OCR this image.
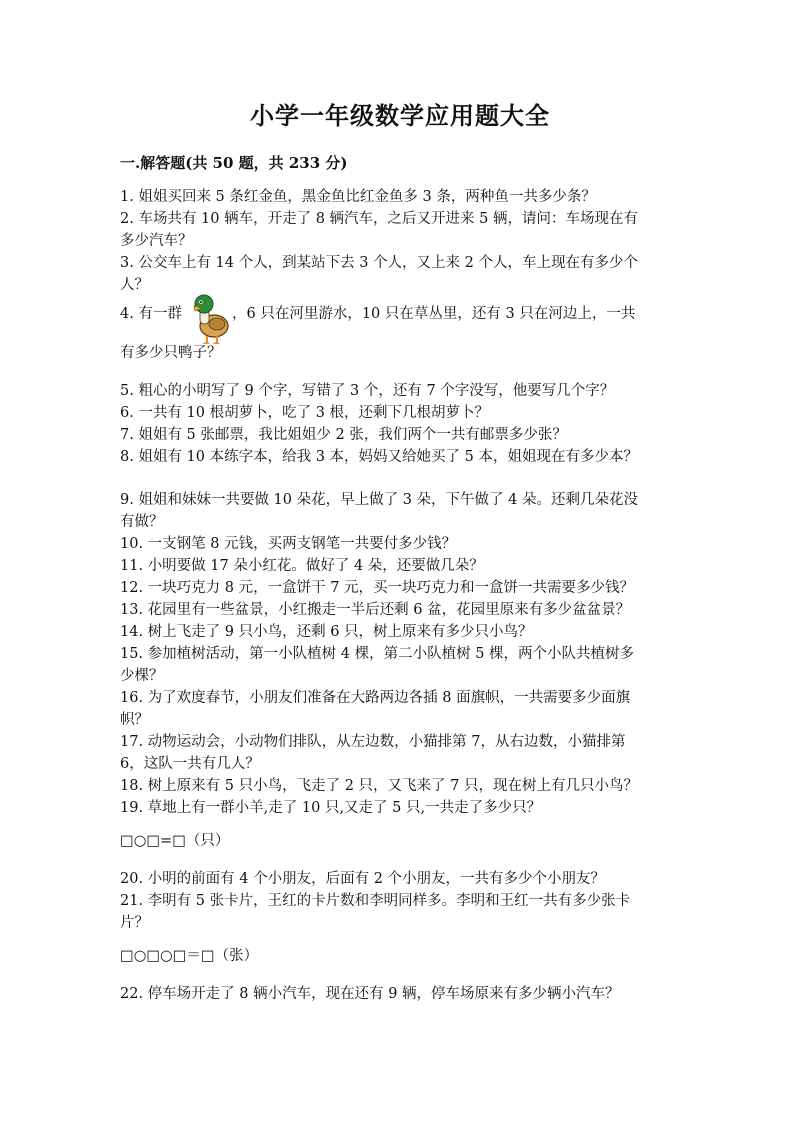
小学一年级数学应用题大全
一.解答题(共 50 题，共 233 分)
1. 姐姐买回来 5 条红金鱼，黑金鱼比红金鱼多 3 条，两种鱼一共多少条？
2. 车场共有 10 辆车，开走了 8 辆汽车，之后又开进来 5 辆，请问：车场现在有
多少汽车？
3. 公交车上有 14 个人，到某站下去 3 个人，又上来 2 个人，车上现在有多少个
人？
4. 有一群	，6 只在河里游水，10 只在草丛里，还有 3 只在河边上，一共
有多少只鸭子？
5. 粗心的小明写了 9 个字，写错了 3 个，还有 7 个字没写，他要写几个字？
6. 一共有 10 根胡萝卜，吃了 3 根，还剩下几根胡萝卜？
7. 姐姐有 5 张邮票，我比姐姐少 2 张，我们两个一共有邮票多少张？
8. 姐姐有 10 本练字本，给我 3 本，妈妈又给她买了 5 本，姐姐现在有多少本？
9. 姐姐和妹妹一共要做 10 朵花，早上做了 3 朵，下午做了 4 朵。还剩几朵花没
有做？
10. 一支钢笔 8 元钱，买两支钢笔一共要付多少钱？
11. 小明要做 17 朵小红花。做好了 4 朵，还要做几朵？
12. 一块巧克力 8 元，一盒饼干 7 元，买一块巧克力和一盒饼一共需要多少钱？
13. 花园里有一些盆景，小红搬走一半后还剩 6 盆，花园里原来有多少盆盆景？
14. 树上飞走了 9 只小鸟，还剩 6 只，树上原来有多少只小鸟？
15. 参加植树活动，第一小队植树 4 棵，第二小队植树 5 棵，两个小队共植树多
少棵？
16. 为了欢度春节，小朋友们准备在大路两边各插 8 面旗帜，一共需要多少面旗
帜？
17. 动物运动会，小动物们排队，从左边数，小猫排第 7，从右边数，小猫排第
6，这队一共有几人？
18. 树上原来有 5 只小鸟，飞走了 2 只，又飞来了 7 只，现在树上有几只小鸟？
19. 草地上有一群小羊,走了 10 只,又走了 5 只,一共走了多少只？
□○□=□（只）
20. 小明的前面有 4 个小朋友，后面有 2 个小朋友，一共有多少个小朋友？
21. 李明有 5 张卡片，王红的卡片数和李明同样多。李明和王红一共有多少张卡
片？
□○□○□＝□（张）
22. 停车场开走了 8 辆小汽车，现在还有 9 辆，停车场原来有多少辆小汽车？
